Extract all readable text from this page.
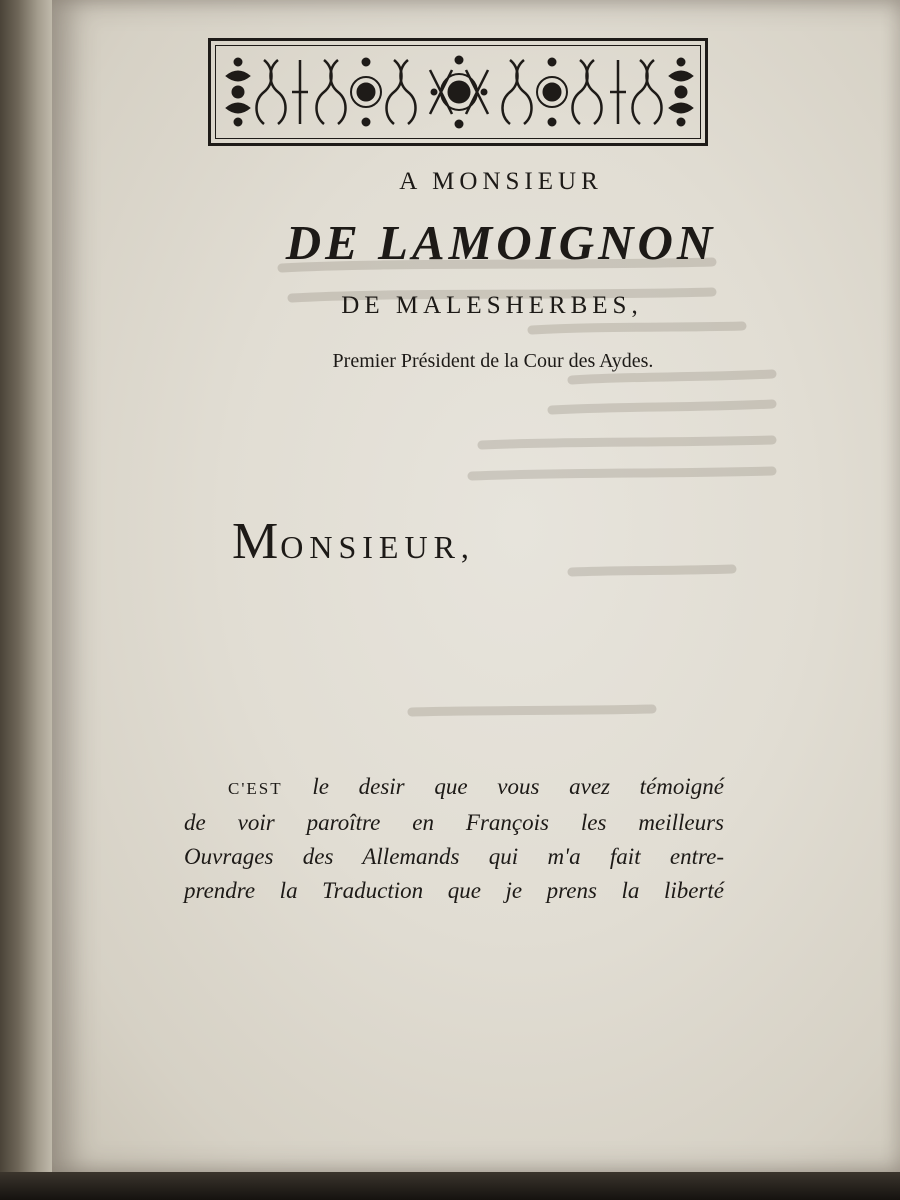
A MONSIEUR
DE LAMOIGNON
DE MALESHERBES,
Premier Président de la Cour des Aydes.
MONSIEUR,
C'EST le desir que vous avez témoigné
de voir paroître en François les meilleurs
Ouvrages des Allemands qui m'a fait entre-
prendre la Traduction que je prens la liberté
